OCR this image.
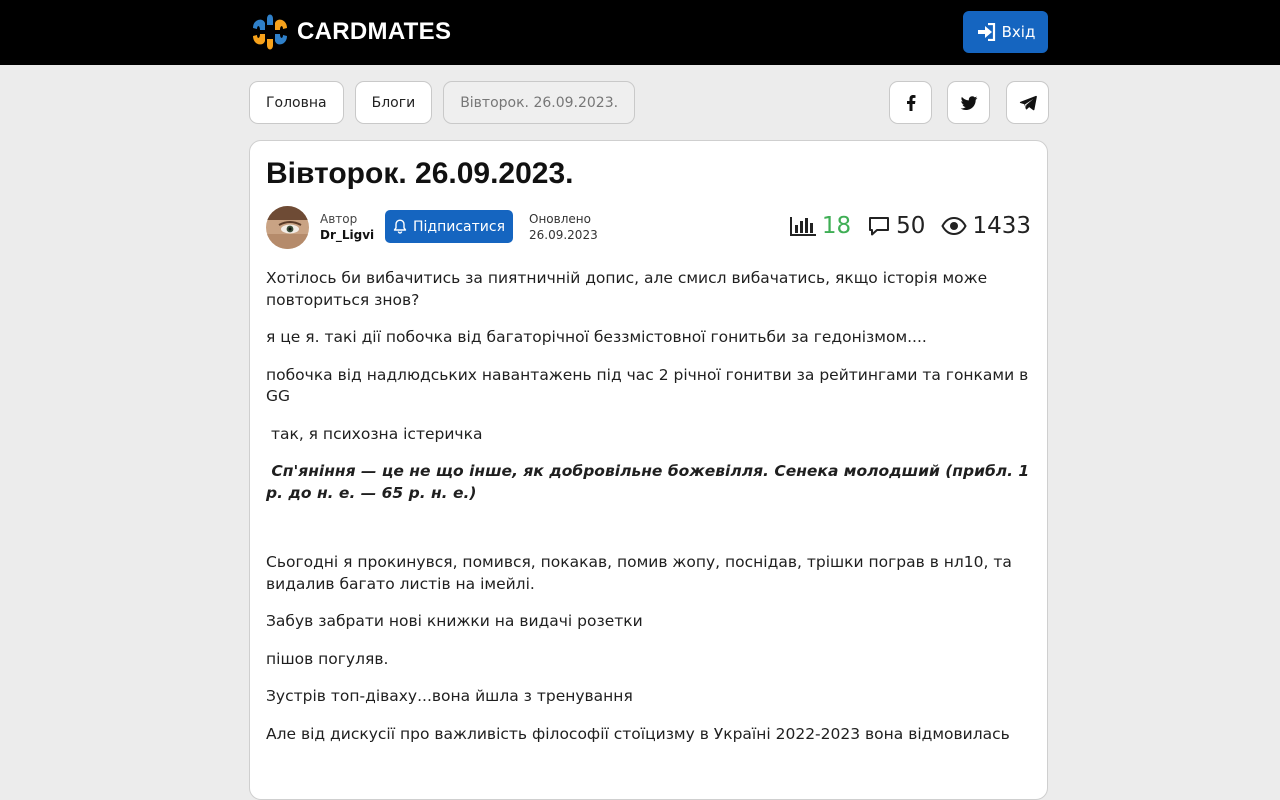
CARDMATES	Вхід
Головна	Блоги	Вівторок. 26.09.2023.
Вівторок. 26.09.2023.
Автор
Dr_Ligvi
Підписатися Оновлено
26.09.2023	18 50 1433

Хотілось би вибачитись за пиятничній допис, але смисл вибачатись, якщо історія може повториться знов?

я це я. такі дії побочка від багаторічної беззмістовної гонитьби за гедонізмом....

побочка від надлюдських навантажень під час 2 річної гонитви за рейтингами та гонками в GG

так, я психозна істеричка

Сп'яніння — це не що інше, як добровільне божевілля. Сенека молодший (прибл. 1 р. до н. е. — 65 р. н. е.)

Сьогодні я прокинувся, помився, покакав, помив жопу, поснідав, трішки пограв в нл10, та видалив багато листів на імейлі.

Забув забрати нові книжки на видачі розетки

пішов погуляв.

Зустрів топ-діваху...вона йшла з тренування

Але від дискусії про важливість філософії стоїцизму в Україні 2022-2023 вона відмовилась
